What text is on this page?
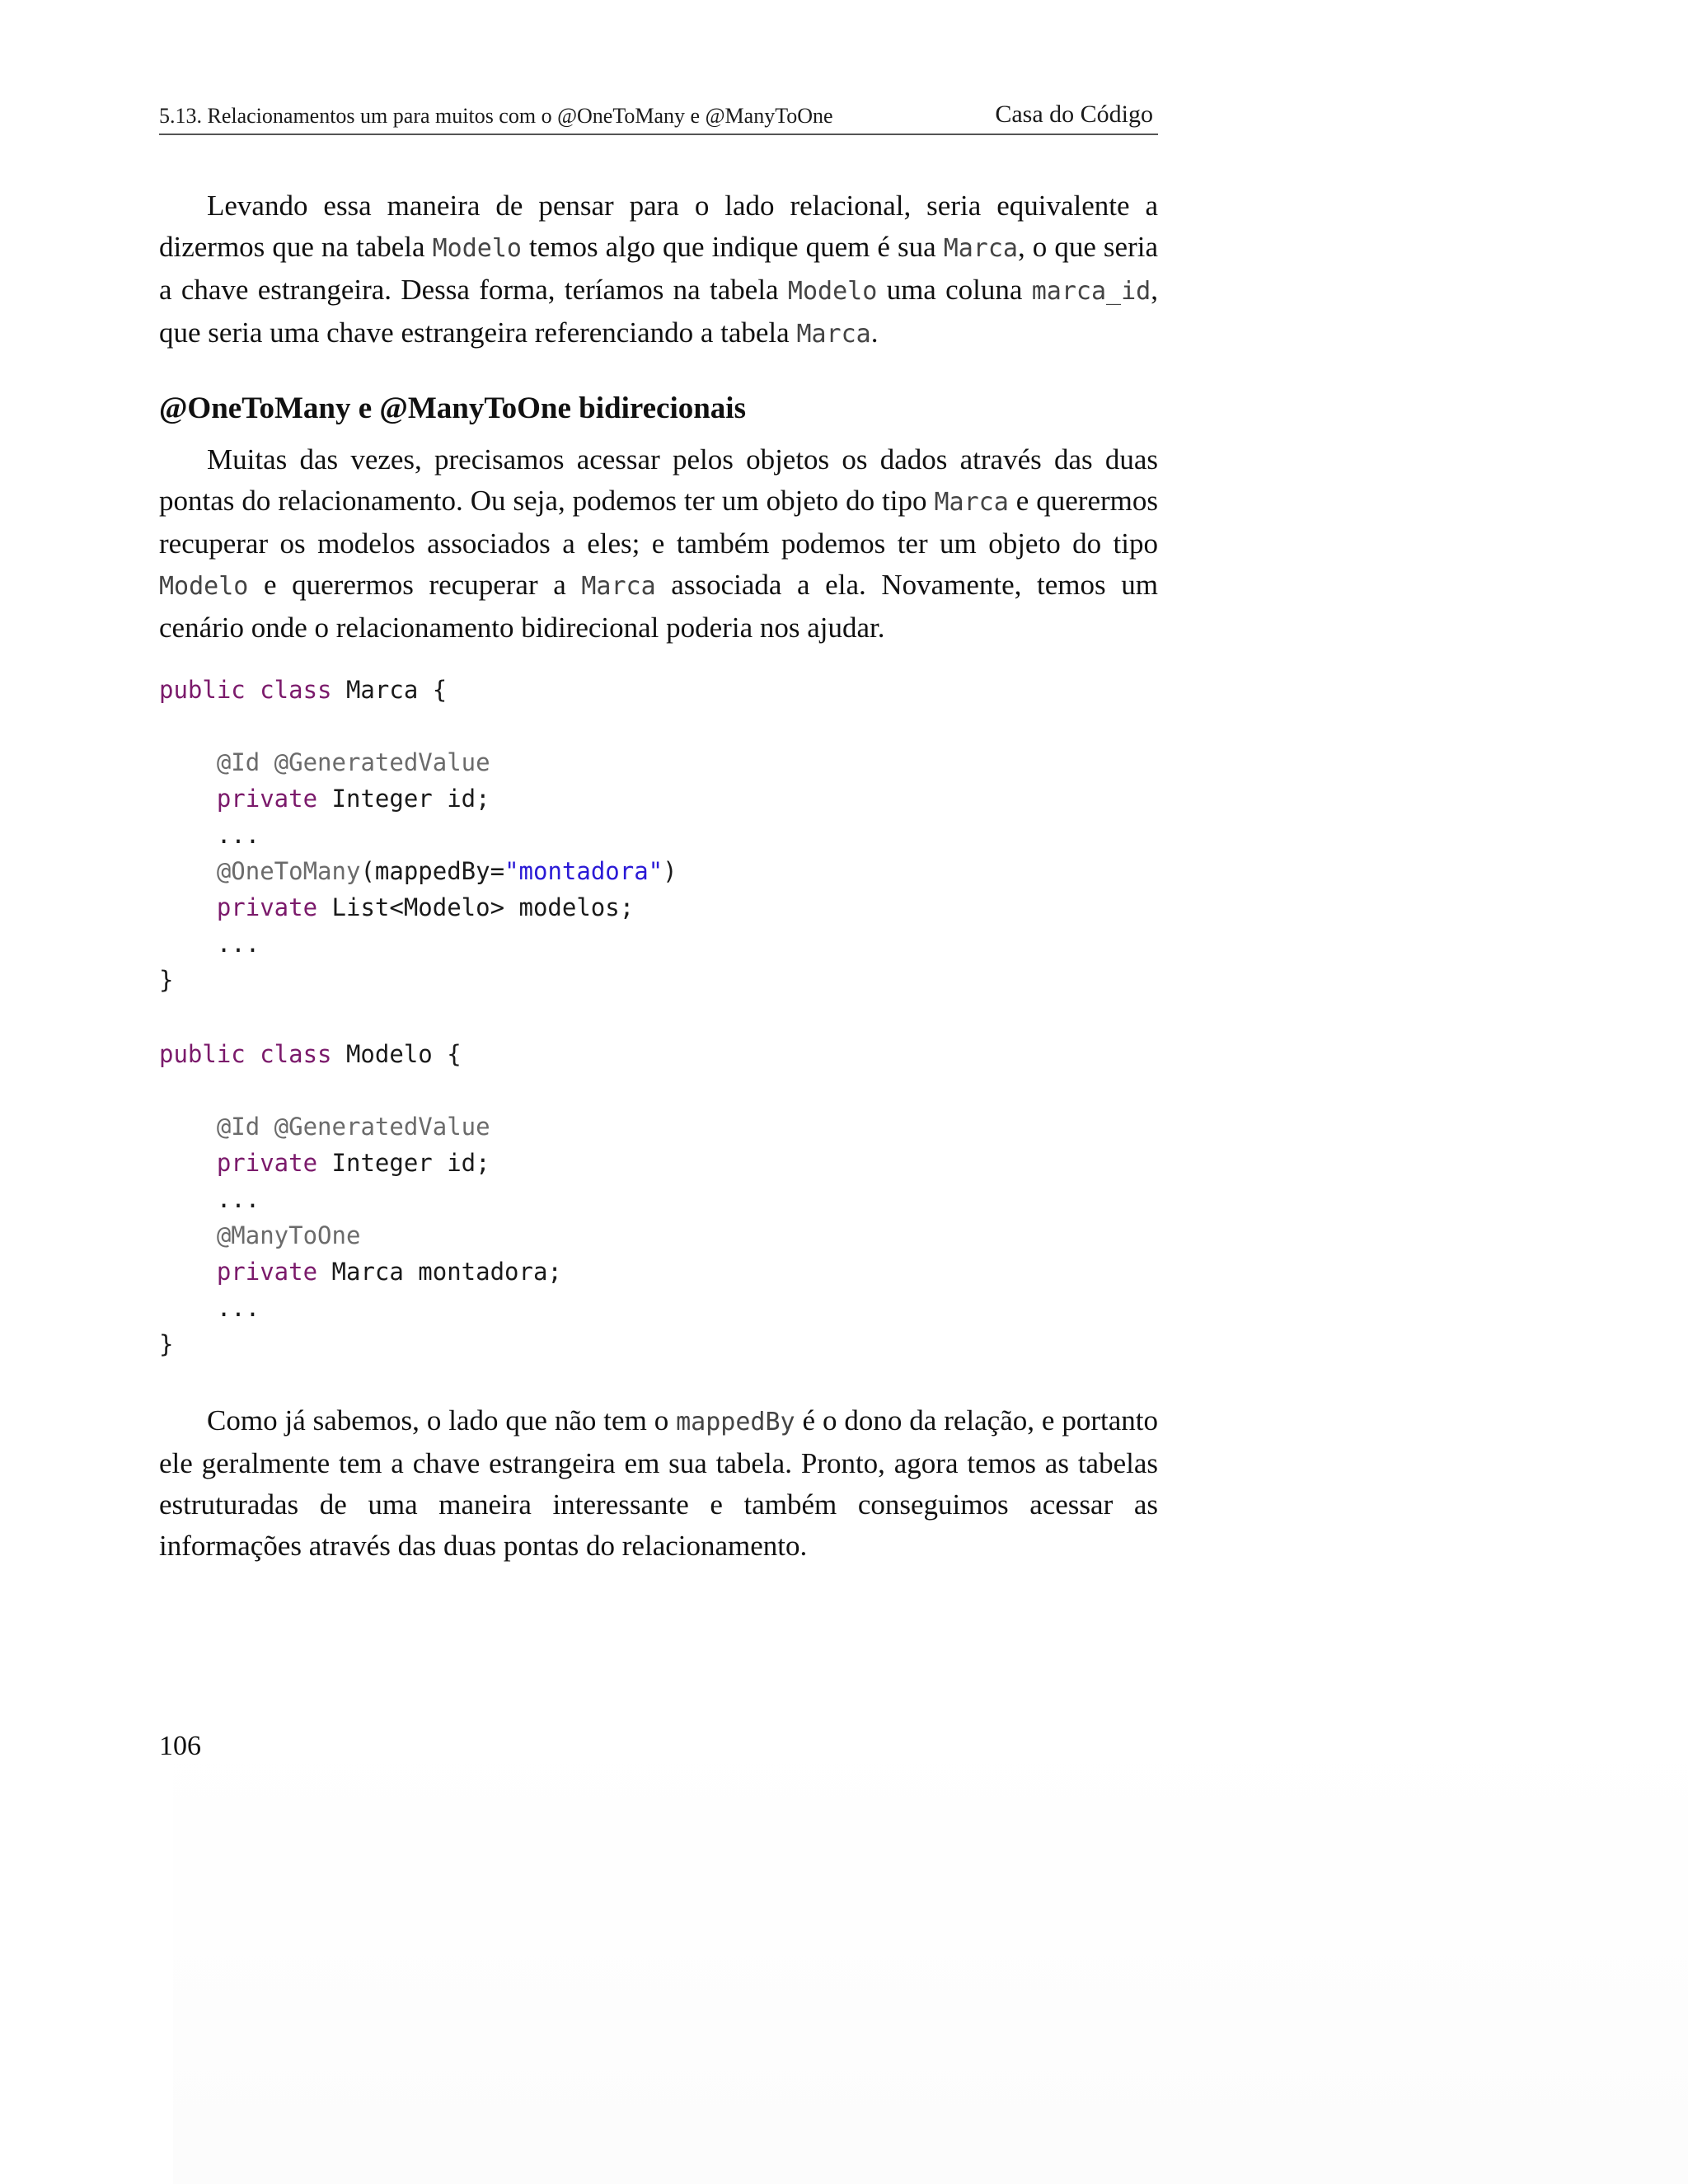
5.13. Relacionamentos um para muitos com o @OneToMany e @ManyToOne	Casa do Código

Levando essa maneira de pensar para o lado relacional, seria equivalente a dizermos que na tabela Modelo temos algo que indique quem é sua Marca, o que seria a chave estrangeira. Dessa forma, teríamos na tabela Modelo uma coluna marca_id, que seria uma chave estrangeira referenciando a tabela Marca.

@OneToMany e @ManyToOne bidirecionais

Muitas das vezes, precisamos acessar pelos objetos os dados através das duas pontas do relacionamento. Ou seja, podemos ter um objeto do tipo Marca e querermos recuperar os modelos associados a eles; e também podemos ter um objeto do tipo Modelo e querermos recuperar a Marca associada a ela. Novamente, temos um cenário onde o relacionamento bidirecional poderia nos ajudar.

public class Marca {

@Id @GeneratedValue
private Integer id;
...
@OneToMany(mappedBy="montadora")
private List<Modelo> modelos;
...
}
public class Modelo {

@Id @GeneratedValue
private Integer id;
...
@ManyToOne
private Marca montadora;
...
}

Como já sabemos, o lado que não tem o mappedBy é o dono da relação, e portanto ele geralmente tem a chave estrangeira em sua tabela. Pronto, agora temos as tabelas estruturadas de uma maneira interessante e também conseguimos acessar as informações através das duas pontas do relacionamento.

106
